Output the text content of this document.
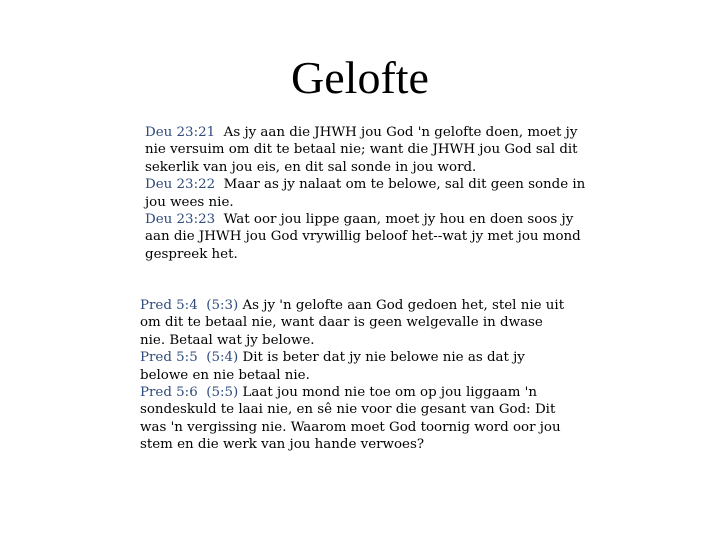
Gelofte
Deu 23:21 As jy aan die JHWH jou God 'n gelofte doen, moet jy nie versuim om dit te betaal nie; want die JHWH jou God sal dit sekerlik van jou eis, en dit sal sonde in jou word.
Deu 23:22 Maar as jy nalaat om te belowe, sal dit geen sonde in jou wees nie.
Deu 23:23 Wat oor jou lippe gaan, moet jy hou en doen soos jy aan die JHWH jou God vrywillig beloof het--wat jy met jou mond gespreek het.
Pred 5:4 (5:3) As jy 'n gelofte aan God gedoen het, stel nie uit om dit te betaal nie, want daar is geen welgevalle in dwase nie. Betaal wat jy belowe.
Pred 5:5 (5:4) Dit is beter dat jy nie belowe nie as dat jy belowe en nie betaal nie.
Pred 5:6 (5:5) Laat jou mond nie toe om op jou liggaam 'n sondeskuld te laai nie, en sê nie voor die gesant van God: Dit was 'n vergissing nie. Waarom moet God toornig word oor jou stem en die werk van jou hande verwoes?
